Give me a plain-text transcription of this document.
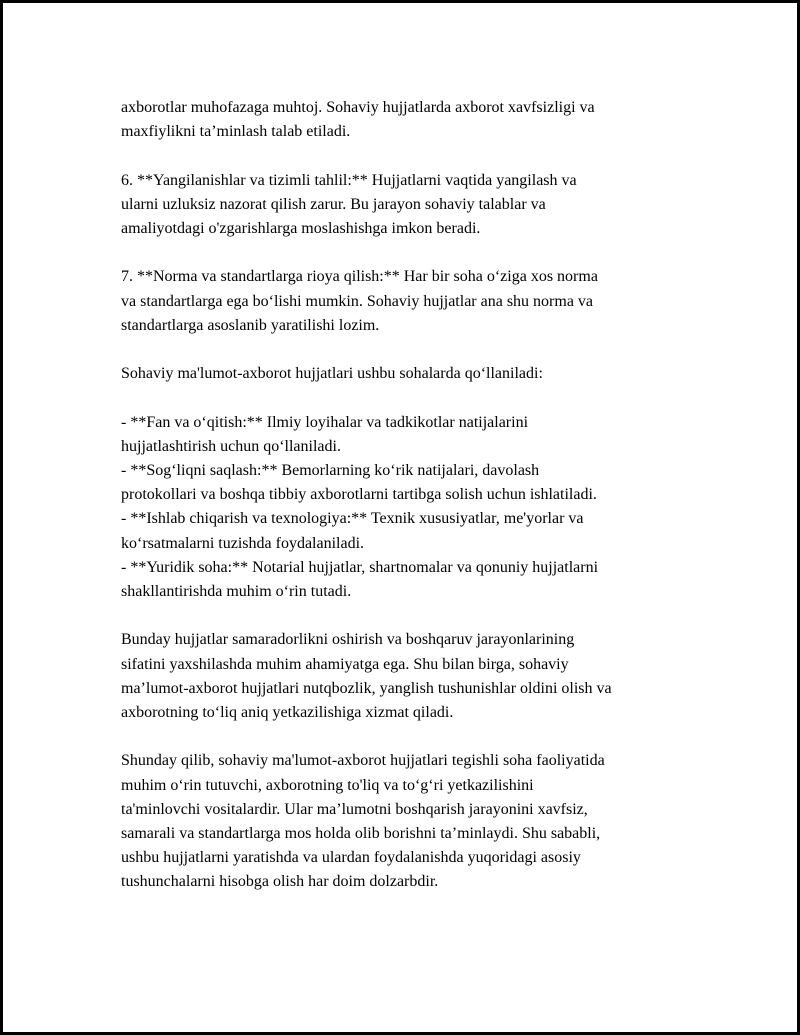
axborotlar muhofazaga muhtoj. Sohaviy hujjatlarda axborot xavfsizligi va
maxfiylikni ta’minlash talab etiladi.

6. **Yangilanishlar va tizimli tahlil:** Hujjatlarni vaqtida yangilash va
ularni uzluksiz nazorat qilish zarur. Bu jarayon sohaviy talablar va
amaliyotdagi o'zgarishlarga moslashishga imkon beradi.

7. **Norma va standartlarga rioya qilish:** Har bir soha o‘ziga xos norma
va standartlarga ega bo‘lishi mumkin. Sohaviy hujjatlar ana shu norma va
standartlarga asoslanib yaratilishi lozim.

Sohaviy ma'lumot-axborot hujjatlari ushbu sohalarda qo‘llaniladi:

- **Fan va o‘qitish:** Ilmiy loyihalar va tadkikotlar natijalarini
hujjatlashtirish uchun qo‘llaniladi.

- **Sog‘liqni saqlash:** Bemorlarning ko‘rik natijalari, davolash
protokollari va boshqa tibbiy axborotlarni tartibga solish uchun ishlatiladi.

- **Ishlab chiqarish va texnologiya:** Texnik xususiyatlar, me'yorlar va
ko‘rsatmalarni tuzishda foydalaniladi.

- **Yuridik soha:** Notarial hujjatlar, shartnomalar va qonuniy hujjatlarni
shakllantirishda muhim o‘rin tutadi.

Bunday hujjatlar samaradorlikni oshirish va boshqaruv jarayonlarining
sifatini yaxshilashda muhim ahamiyatga ega. Shu bilan birga, sohaviy
ma’lumot-axborot hujjatlari nutqbozlik, yanglish tushunishlar oldini olish va
axborotning to‘liq aniq yetkazilishiga xizmat qiladi.

Shunday qilib, sohaviy ma'lumot-axborot hujjatlari tegishli soha faoliyatida
muhim o‘rin tutuvchi, axborotning to'liq va to‘g‘ri yetkazilishini
ta'minlovchi vositalardir. Ular ma’lumotni boshqarish jarayonini xavfsiz,
samarali va standartlarga mos holda olib borishni ta’minlaydi. Shu sababli,
ushbu hujjatlarni yaratishda va ulardan foydalanishda yuqoridagi asosiy
tushunchalarni hisobga olish har doim dolzarbdir.
